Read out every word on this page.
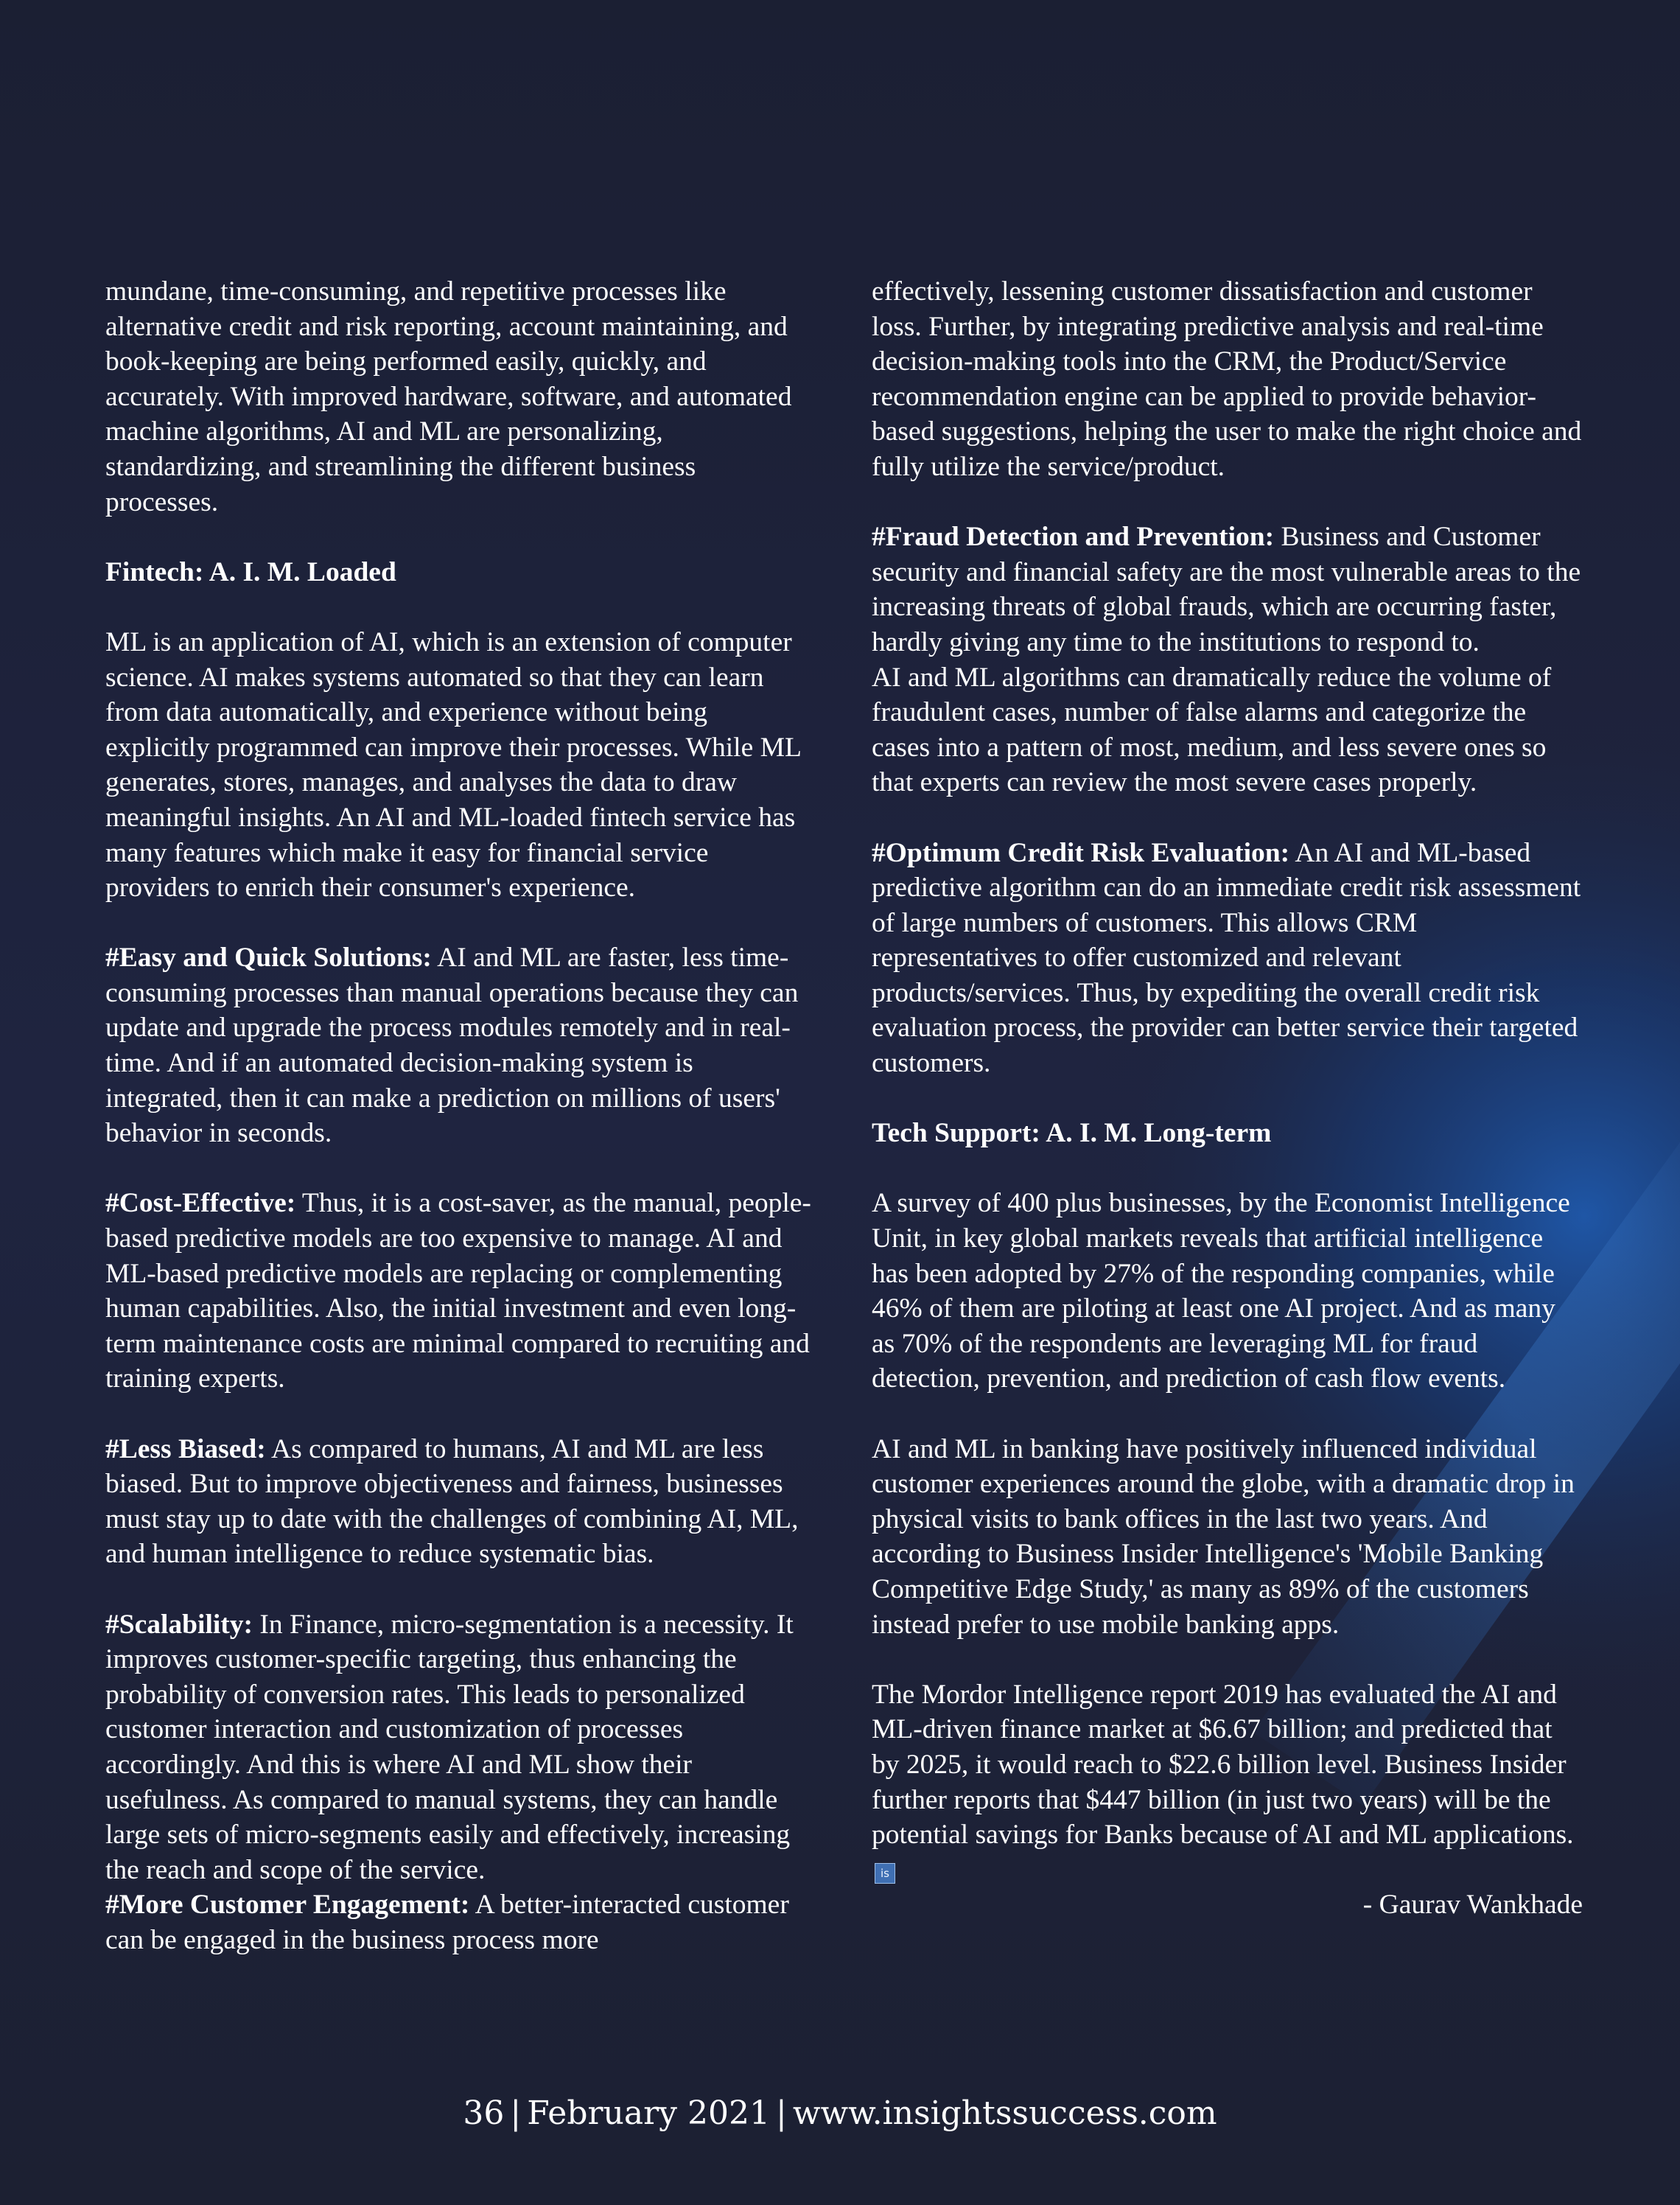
mundane, time-consuming, and repetitive processes like alternative credit and risk reporting, account maintaining, and book-keeping are being performed easily, quickly, and accurately. With improved hardware, software, and automated machine algorithms, AI and ML are personalizing, standardizing, and streamlining the different business processes.

Fintech: A. I. M. Loaded

ML is an application of AI, which is an extension of computer science. AI makes systems automated so that they can learn from data automatically, and experience without being explicitly programmed can improve their processes. While ML generates, stores, manages, and analyses the data to draw meaningful insights. An AI and ML-loaded fintech service has many features which make it easy for financial service providers to enrich their consumer's experience.

#Easy and Quick Solutions: AI and ML are faster, less time-consuming processes than manual operations because they can update and upgrade the process modules remotely and in real-time. And if an automated decision-making system is integrated, then it can make a prediction on millions of users' behavior in seconds.

#Cost-Effective: Thus, it is a cost-saver, as the manual, people-based predictive models are too expensive to manage. AI and ML-based predictive models are replacing or complementing human capabilities. Also, the initial investment and even long-term maintenance costs are minimal compared to recruiting and training experts.

#Less Biased: As compared to humans, AI and ML are less biased. But to improve objectiveness and fairness, businesses must stay up to date with the challenges of combining AI, ML, and human intelligence to reduce systematic bias.

#Scalability: In Finance, micro-segmentation is a necessity. It improves customer-specific targeting, thus enhancing the probability of conversion rates. This leads to personalized customer interaction and customization of processes accordingly. And this is where AI and ML show their usefulness. As compared to manual systems, they can handle large sets of micro-segments easily and effectively, increasing the reach and scope of the service.

#More Customer Engagement: A better-interacted customer can be engaged in the business process more

effectively, lessening customer dissatisfaction and customer loss. Further, by integrating predictive analysis and real-time decision-making tools into the CRM, the Product/Service recommendation engine can be applied to provide behavior-based suggestions, helping the user to make the right choice and fully utilize the service/product.

#Fraud Detection and Prevention: Business and Customer security and financial safety are the most vulnerable areas to the increasing threats of global frauds, which are occurring faster, hardly giving any time to the institutions to respond to.

AI and ML algorithms can dramatically reduce the volume of fraudulent cases, number of false alarms and categorize the cases into a pattern of most, medium, and less severe ones so that experts can review the most severe cases properly.

#Optimum Credit Risk Evaluation: An AI and ML-based predictive algorithm can do an immediate credit risk assessment of large numbers of customers. This allows CRM representatives to offer customized and relevant products/services. Thus, by expediting the overall credit risk evaluation process, the provider can better service their targeted customers.

Tech Support: A. I. M. Long-term

A survey of 400 plus businesses, by the Economist Intelligence Unit, in key global markets reveals that artificial intelligence has been adopted by 27% of the responding companies, while 46% of them are piloting at least one AI project. And as many as 70% of the respondents are leveraging ML for fraud detection, prevention, and prediction of cash flow events.

AI and ML in banking have positively influenced individual customer experiences around the globe, with a dramatic drop in physical visits to bank offices in the last two years. And according to Business Insider Intelligence's 'Mobile Banking Competitive Edge Study,' as many as 89% of the customers instead prefer to use mobile banking apps.

The Mordor Intelligence report 2019 has evaluated the AI and ML-driven finance market at $6.67 billion; and predicted that by 2025, it would reach to $22.6 billion level. Business Insider further reports that $447 billion (in just two years) will be the potential savings for Banks because of AI and ML applications.is

- Gaurav Wankhade

36 | February 2021 | www.insightssuccess.com
